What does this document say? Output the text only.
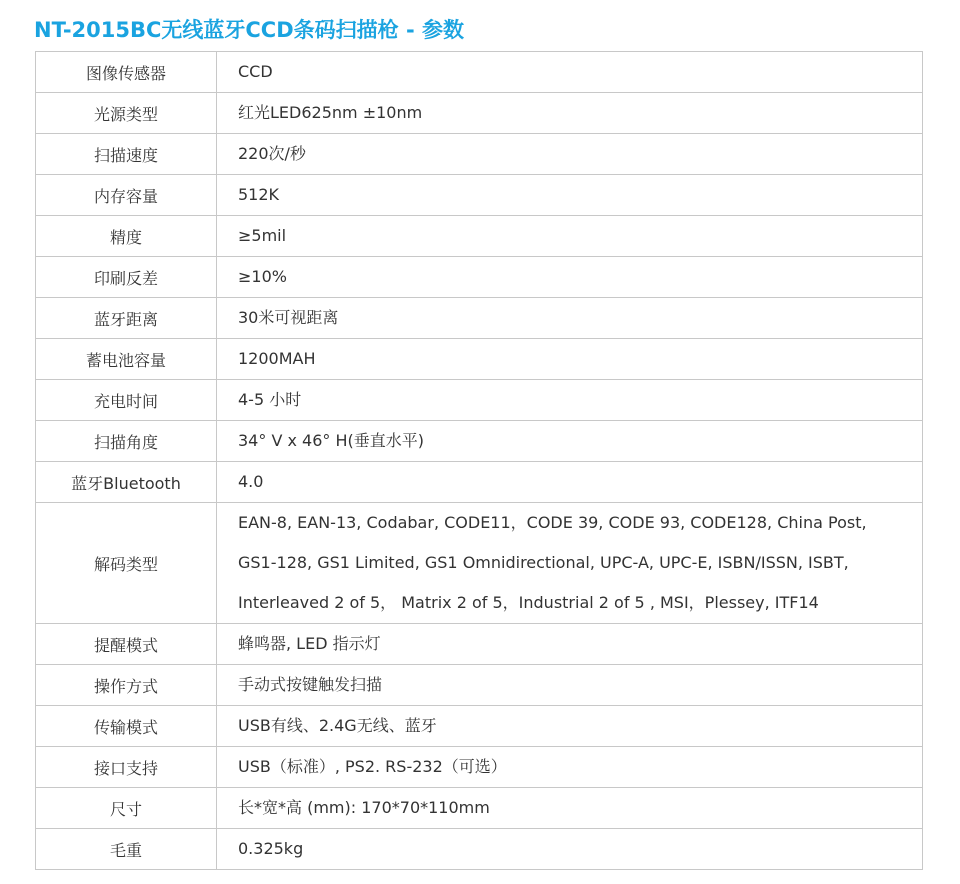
NT-2015BC无线蓝牙CCD条码扫描枪 - 参数
图像传感器	CCD

光源类型	红光LED625nm ±10nm

扫描速度	220次/秒

内存容量	512K

精度	≥5mil

印刷反差	≥10%

蓝牙距离	30米可视距离

蓄电池容量	1200MAH

充电时间	4-5 小时

扫描角度	34° V x 46° H(垂直水平)

蓝牙Bluetooth	4.0

解码类型	EAN-8, EAN-13, Codabar, CODE11，CODE 39, CODE 93, CODE128, China Post,
GS1-128, GS1 Limited, GS1 Omnidirectional, UPC-A, UPC-E, ISBN/ISSN, ISBT,
Interleaved 2 of 5， Matrix 2 of 5，Industrial 2 of 5 , MSI，Plessey, ITF14

提醒模式	蜂鸣器, LED 指示灯

操作方式	手动式按键触发扫描

传输模式	USB有线、2.4G无线、蓝牙

接口支持	USB（标准）, PS2. RS-232（可选）

尺寸	长*宽*高 (mm): 170*70*110mm

毛重	0.325kg
